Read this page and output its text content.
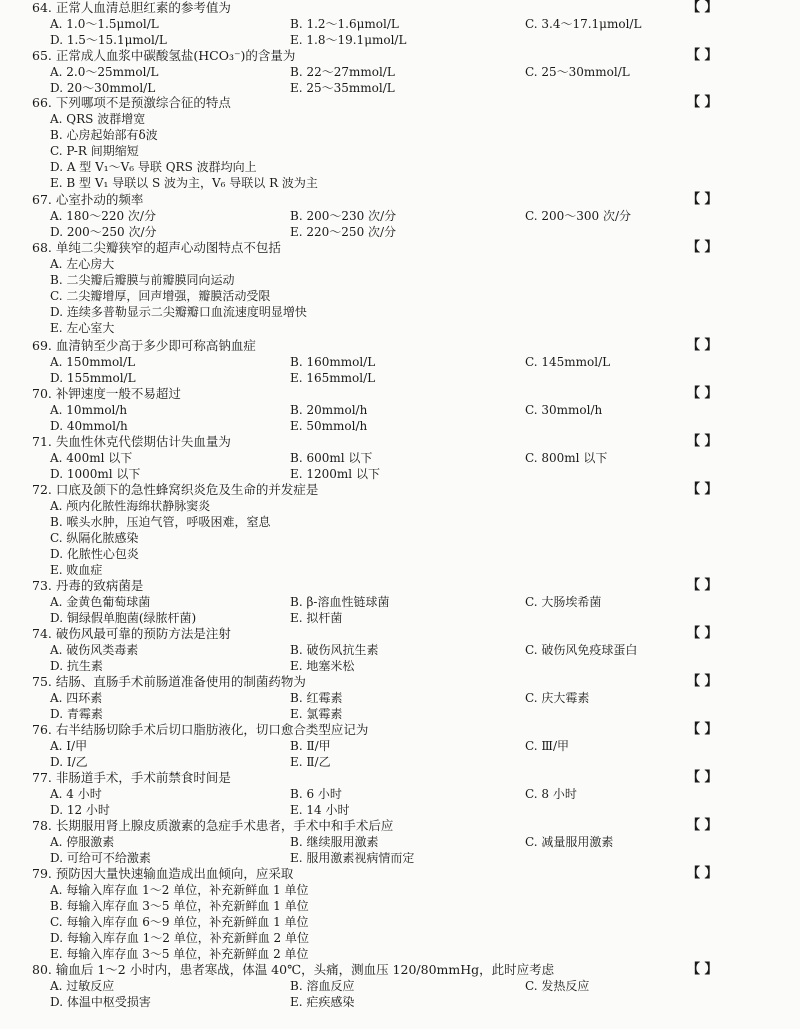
64. 正常人血清总胆红素的参考值为	【 】
A. 1.0～1.5μmol/L	B. 1.2～1.6μmol/L	C. 3.4～17.1μmol/L
D. 1.5～15.1μmol/L	E. 1.8～19.1μmol/L
65. 正常成人血浆中碳酸氢盐(HCO₃⁻)的含量为	【 】
A. 2.0～25mmol/L	B. 22～27mmol/L	C. 25～30mmol/L
D. 20～30mmol/L	E. 25～35mmol/L
66. 下列哪项不是预激综合征的特点	【 】
A. QRS 波群增宽
B. 心房起始部有δ波
C. P-R 间期缩短
D. A 型 V₁～V₆ 导联 QRS 波群均向上
E. B 型 V₁ 导联以 S 波为主，V₆ 导联以 R 波为主
67. 心室扑动的频率	【 】
A. 180～220 次/分	B. 200～230 次/分	C. 200～300 次/分
D. 200～250 次/分	E. 220～250 次/分
68. 单纯二尖瓣狭窄的超声心动图特点不包括	【 】
A. 左心房大
B. 二尖瓣后瓣膜与前瓣膜同向运动
C. 二尖瓣增厚，回声增强，瓣膜活动受限
D. 连续多普勒显示二尖瓣瓣口血流速度明显增快
E. 左心室大
69. 血清钠至少高于多少即可称高钠血症	【 】
A. 150mmol/L	B. 160mmol/L	C. 145mmol/L
D. 155mmol/L	E. 165mmol/L
70. 补钾速度一般不易超过	【 】
A. 10mmol/h	B. 20mmol/h	C. 30mmol/h
D. 40mmol/h	E. 50mmol/h
71. 失血性休克代偿期估计失血量为	【 】
A. 400ml 以下	B. 600ml 以下	C. 800ml 以下
D. 1000ml 以下	E. 1200ml 以下
72. 口底及颌下的急性蜂窝织炎危及生命的并发症是	【 】
A. 颅内化脓性海绵状静脉窦炎
B. 喉头水肿，压迫气管，呼吸困难，窒息
C. 纵隔化脓感染
D. 化脓性心包炎
E. 败血症
73. 丹毒的致病菌是	【 】
A. 金黄色葡萄球菌	B. β-溶血性链球菌	C. 大肠埃希菌
D. 铜绿假单胞菌(绿脓杆菌)	E. 拟杆菌
74. 破伤风最可靠的预防方法是注射	【 】
A. 破伤风类毒素	B. 破伤风抗生素	C. 破伤风免疫球蛋白
D. 抗生素	E. 地塞米松
75. 结肠、直肠手术前肠道准备使用的制菌药物为	【 】
A. 四环素	B. 红霉素	C. 庆大霉素
D. 青霉素	E. 氯霉素
76. 右半结肠切除手术后切口脂肪液化，切口愈合类型应记为	【 】
A. Ⅰ/甲	B. Ⅱ/甲	C. Ⅲ/甲
D. Ⅰ/乙	E. Ⅱ/乙
77. 非肠道手术，手术前禁食时间是	【 】
A. 4 小时	B. 6 小时	C. 8 小时
D. 12 小时	E. 14 小时
78. 长期服用肾上腺皮质激素的急症手术患者，手术中和手术后应	【 】
A. 停服激素	B. 继续服用激素	C. 减量服用激素
D. 可给可不给激素	E. 服用激素视病情而定
79. 预防因大量快速输血造成出血倾向，应采取	【 】
A. 每输入库存血 1～2 单位，补充新鲜血 1 单位
B. 每输入库存血 3～5 单位，补充新鲜血 1 单位
C. 每输入库存血 6～9 单位，补充新鲜血 1 单位
D. 每输入库存血 1～2 单位，补充新鲜血 2 单位
E. 每输入库存血 3～5 单位，补充新鲜血 2 单位
80. 输血后 1～2 小时内，患者寒战，体温 40℃，头痛，测血压 120/80mmHg，此时应考虑	【 】
A. 过敏反应	B. 溶血反应	C. 发热反应
D. 体温中枢受损害	E. 疟疾感染
